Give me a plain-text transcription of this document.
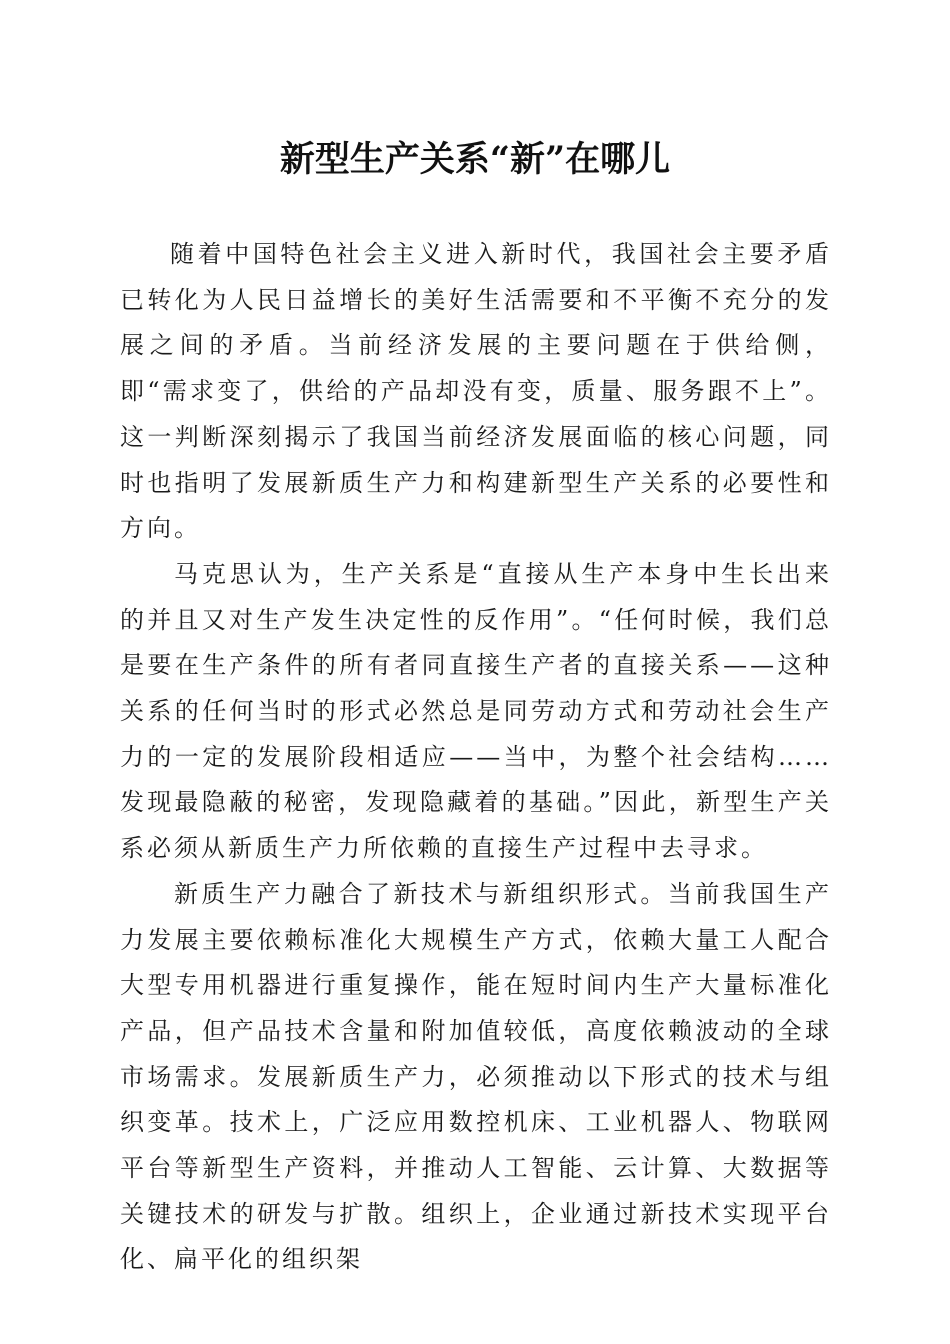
新型生产关系“新”在哪儿

随着中国特色社会主义进入新时代，我国社会主要矛盾已转化为人民日益增长的美好生活需要和不平衡不充分的发展之间的矛盾。当前经济发展的主要问题在于供给侧，即“需求变了，供给的产品却没有变，质量、服务跟不上”。这一判断深刻揭示了我国当前经济发展面临的核心问题，同时也指明了发展新质生产力和构建新型生产关系的必要性和方向。

马克思认为，生产关系是“直接从生产本身中生长出来的并且又对生产发生决定性的反作用”。“任何时候，我们总是要在生产条件的所有者同直接生产者的直接关系——这种关系的任何当时的形式必然总是同劳动方式和劳动社会生产力的一定的发展阶段相适应——当中，为整个社会结构……发现最隐蔽的秘密，发现隐藏着的基础。”因此，新型生产关系必须从新质生产力所依赖的直接生产过程中去寻求。

新质生产力融合了新技术与新组织形式。当前我国生产力发展主要依赖标准化大规模生产方式，依赖大量工人配合大型专用机器进行重复操作，能在短时间内生产大量标准化产品，但产品技术含量和附加值较低，高度依赖波动的全球市场需求。发展新质生产力，必须推动以下形式的技术与组织变革。技术上，广泛应用数控机床、工业机器人、物联网平台等新型生产资料，并推动人工智能、云计算、大数据等关键技术的研发与扩散。组织上，企业通过新技术实现平台化、扁平化的组织架
